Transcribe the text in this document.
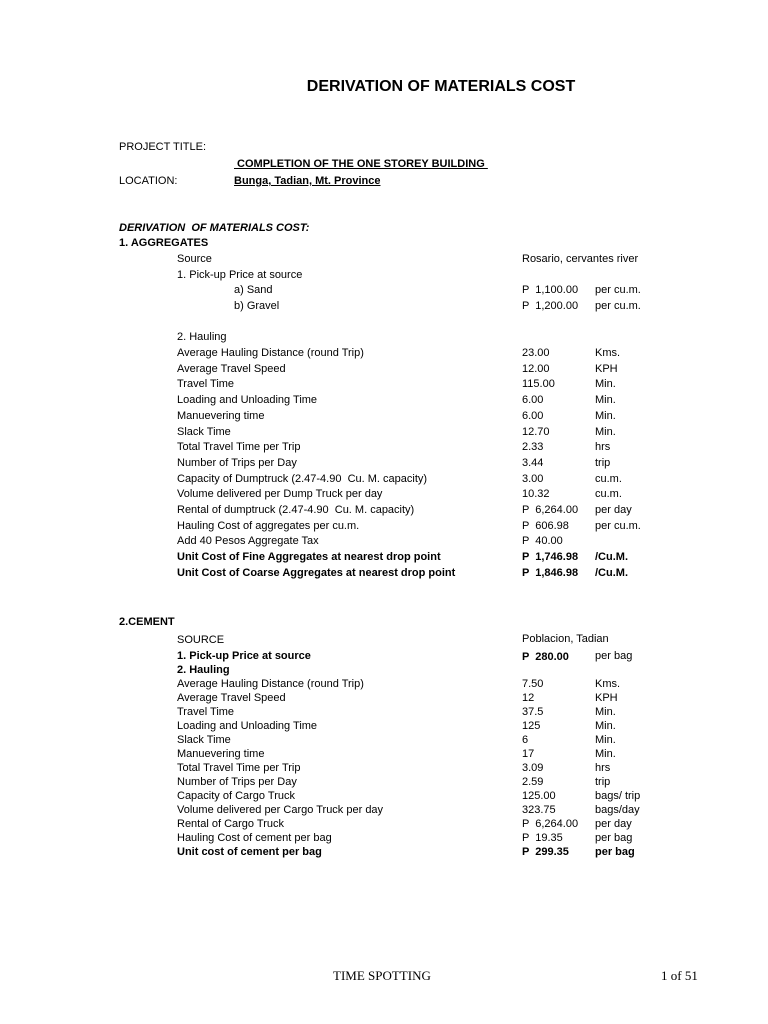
DERIVATION OF MATERIALS COST
PROJECT TITLE:
COMPLETION OF THE ONE STOREY BUILDING
LOCATION:	Bunga, Tadian, Mt. Province
DERIVATION  OF MATERIALS COST:
1. AGGREGATES
Source	Rosario, cervantes river
1. Pick-up Price at source
a) Sand	P  1,100.00 per cu.m.
b) Gravel	P  1,200.00 per cu.m.
2. Hauling
Average Hauling Distance (round Trip)	23.00	Kms.
Average Travel Speed	12.00	KPH
Travel Time	115.00	Min.
Loading and Unloading Time	6.00	Min.
Manuevering time	6.00	Min.
Slack Time	12.70	Min.
Total Travel Time per Trip	2.33	hrs
Number of Trips per Day	3.44	trip
Capacity of Dumptruck (2.47-4.90  Cu. M. capacity)	3.00	cu.m.
Volume delivered per Dump Truck per day	10.32	cu.m.
Rental of dumptruck (2.47-4.90  Cu. M. capacity)	P  6,264.00 per day
Hauling Cost of aggregates per cu.m.	P  606.98 per cu.m.
Add 40 Pesos Aggregate Tax	P  40.00
Unit Cost of Fine Aggregates at nearest drop point	P  1,746.98 /Cu.M.
Unit Cost of Coarse Aggregates at nearest drop point	P  1,846.98 /Cu.M.
2.CEMENT
SOURCE	Poblacion, Tadian
1. Pick-up Price at source	P  280.00 per bag
2. Hauling
Average Hauling Distance (round Trip)	7.50	Kms.
Average Travel Speed	12	KPH
Travel Time	37.5	Min.
Loading and Unloading Time	125	Min.
Slack Time	6	Min.
Manuevering time	17	Min.
Total Travel Time per Trip	3.09	hrs
Number of Trips per Day	2.59	trip
Capacity of Cargo Truck	125.00	bags/ trip
Volume delivered per Cargo Truck per day	323.75	bags/day
Rental of Cargo Truck	P  6,264.00 per day
Hauling Cost of cement per bag	P  19.35	per bag
Unit cost of cement per bag	P  299.35 per bag
TIME SPOTTING	1 of 51
